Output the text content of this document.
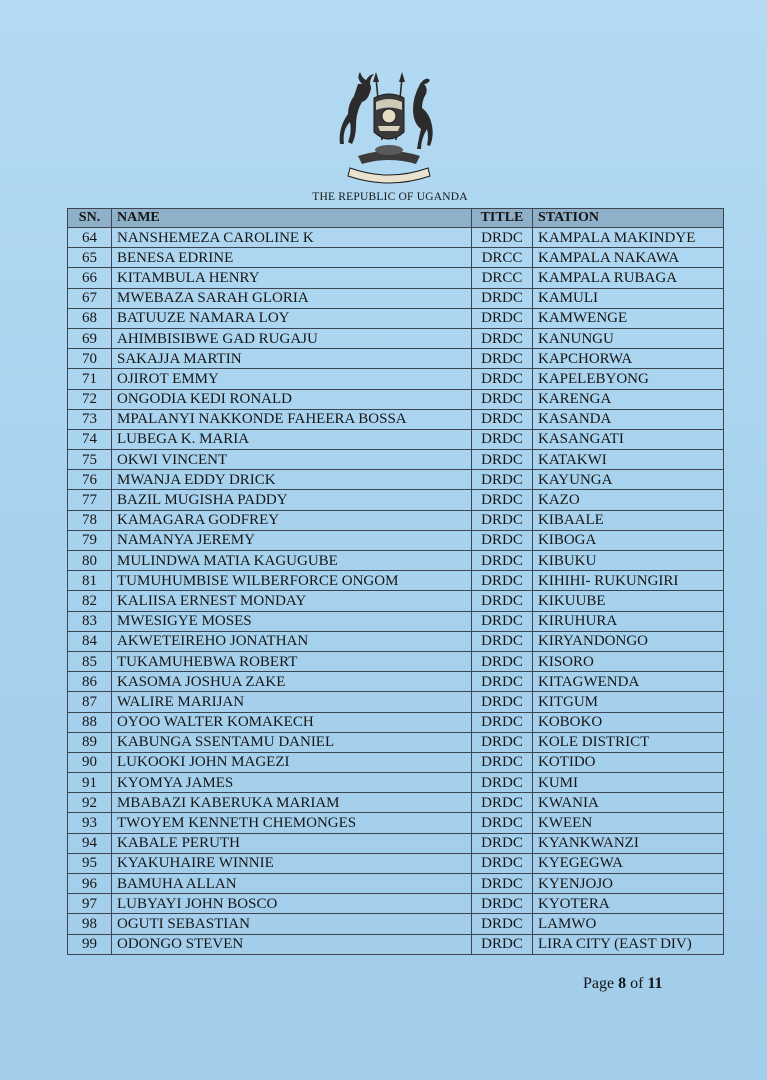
THE REPUBLIC OF UGANDA
SN.	NAME	TITLE	STATION
64	NANSHEMEZA CAROLINE K	DRDC	KAMPALA MAKINDYE
65	BENESA EDRINE	DRCC	KAMPALA NAKAWA
66	KITAMBULA HENRY	DRCC	KAMPALA RUBAGA
67	MWEBAZA SARAH GLORIA	DRDC	KAMULI
68	BATUUZE NAMARA LOY	DRDC	KAMWENGE
69	AHIMBISIBWE GAD RUGAJU	DRDC	KANUNGU
70	SAKAJJA MARTIN	DRDC	KAPCHORWA
71	OJIROT EMMY	DRDC	KAPELEBYONG
72	ONGODIA KEDI RONALD	DRDC	KARENGA
73	MPALANYI NAKKONDE FAHEERA BOSSA	DRDC	KASANDA
74	LUBEGA K. MARIA	DRDC	KASANGATI
75	OKWI VINCENT	DRDC	KATAKWI
76	MWANJA EDDY DRICK	DRDC	KAYUNGA
77	BAZIL MUGISHA PADDY	DRDC	KAZO
78	KAMAGARA GODFREY	DRDC	KIBAALE
79	NAMANYA JEREMY	DRDC	KIBOGA
80	MULINDWA MATIA KAGUGUBE	DRDC	KIBUKU
81	TUMUHUMBISE WILBERFORCE ONGOM	DRDC	KIHIHI- RUKUNGIRI
82	KALIISA ERNEST MONDAY	DRDC	KIKUUBE
83	MWESIGYE MOSES	DRDC	KIRUHURA
84	AKWETEIREHO JONATHAN	DRDC	KIRYANDONGO
85	TUKAMUHEBWA ROBERT	DRDC	KISORO
86	KASOMA JOSHUA ZAKE	DRDC	KITAGWENDA
87	WALIRE MARIJAN	DRDC	KITGUM
88	OYOO WALTER KOMAKECH	DRDC	KOBOKO
89	KABUNGA SSENTAMU DANIEL	DRDC	KOLE DISTRICT
90	LUKOOKI JOHN MAGEZI	DRDC	KOTIDO
91	KYOMYA JAMES	DRDC	KUMI
92	MBABAZI KABERUKA MARIAM	DRDC	KWANIA
93	TWOYEM KENNETH CHEMONGES	DRDC	KWEEN
94	KABALE PERUTH	DRDC	KYANKWANZI
95	KYAKUHAIRE WINNIE	DRDC	KYEGEGWA
96	BAMUHA ALLAN	DRDC	KYENJOJO
97	LUBYAYI JOHN BOSCO	DRDC	KYOTERA
98	OGUTI SEBASTIAN	DRDC	LAMWO
99	ODONGO STEVEN	DRDC	LIRA CITY (EAST DIV)
Page 8 of 11
